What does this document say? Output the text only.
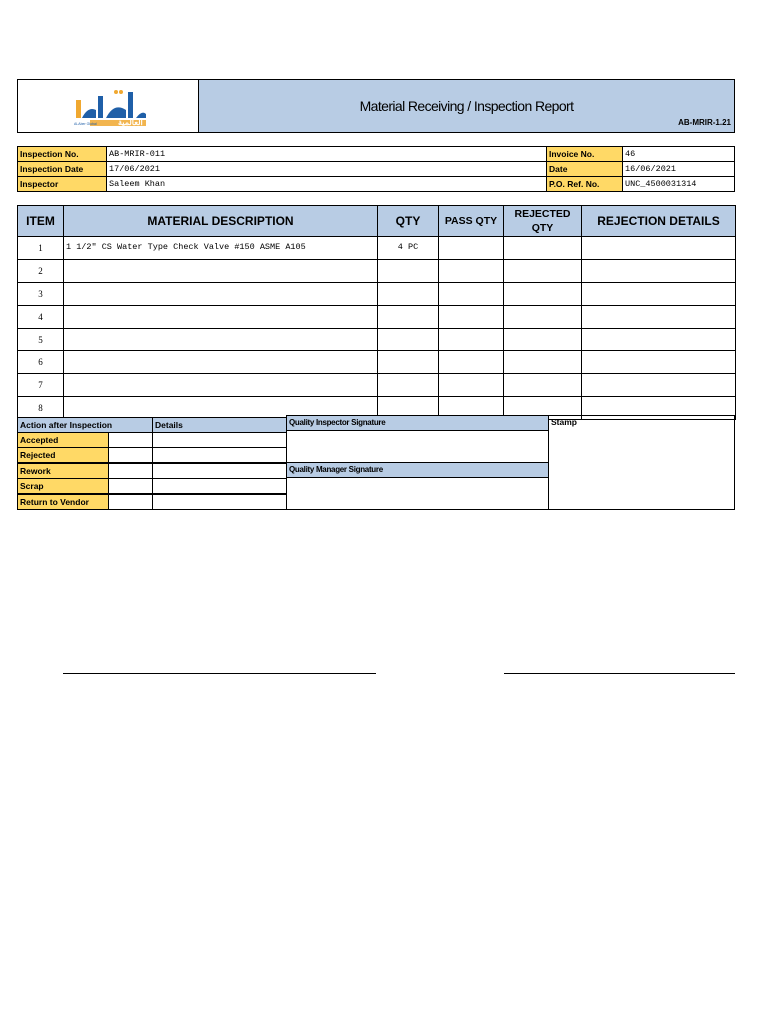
العالمية
Al-Aber Global
Material Receiving / Inspection Report
AB-MRIR-1.21
Inspection No.	AB-MRIR-011	Invoice No.	46
Inspection Date	17/06/2021	Date	16/06/2021
Inspector	Saleem Khan	P.O. Ref. No.	UNC_4500031314
ITEM	MATERIAL DESCRIPTION	QTY	PASS QTY	REJECTED QTY	REJECTION DETAILS
1	1 1/2" CS Water Type Check Valve #150 ASME A105	4 PC			
2					
3					
4					
5					
6					
7					
8					
Action after Inspection	Details
Accepted
Rejected
Rework
Scrap
Return to Vendor
Quality Inspector Signature
Quality Manager Signature
Stamp
